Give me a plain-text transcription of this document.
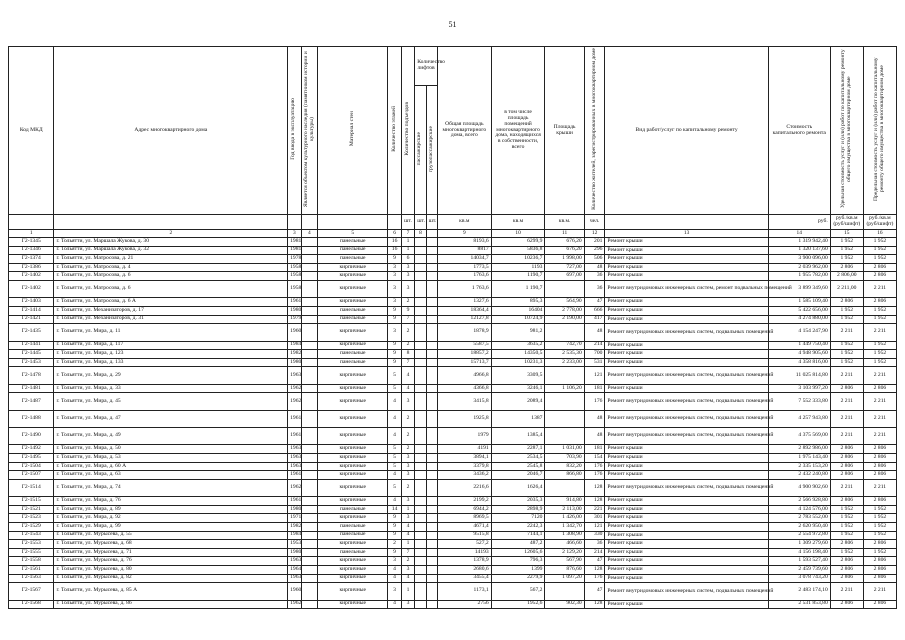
51
Код МКД	Адрес многоквартирного дома	Год ввода в эксплуатацию	Является объектом культурного наследия (памятником истории и культуры)	Материал стен	Количество этажей	Количество подъездов	Количество лифтов		Общая площадь многоквартирного дома, всего	в том числе площадь помещений многоквартирного дома, находящихся в собственности, всего	Площадь крыши	Количество жителей, зарегистрированных в многоквартирном доме	Вид работ/услуг по капитальному ремонту	Стоимость капитального ремонта	Удельная стоимость услуг и (или) работ по капитальному ремонту общего имущества в многоквартирном доме	Предельная стоимость услуг и (или) работ по капитальному ремонту общего имущества в многоквартирном доме
							пассажирские	грузопассажирские								
						шт.	шт.	шт.	кв.м	кв.м	кв.м.	чел.		руб.	руб./кв.м (руб/шифт)	руб./кв.м (руб/шифт)
1	2	3	4	5	6	7	8		9	10	11	12	13	14	15	16
Г2-1345	г. Тольятти, ул. Маршала Жукова, д. 30	1981		панельные	16	1			8193,6	6299,9	676,20	201	Ремонт крыши	1 319 942,40	1 952	1 952
Г2-1346	г. Тольятти, ул. Маршала Жукова, д. 32	1981		панельные	16	1			8817	5836,8	676,20	296	Ремонт крыши	1 320 137,60	1 952	1 952
Г2-1374	г. Тольятти, ул. Матросова, д. 21	1978		панельные	9	6			14034,7	10236,7	1 998,00	506	Ремонт крыши	3 900 096,00	1 952	1 952
Г2-1386	г. Тольятти, ул. Матросова, д. 4	1958		кирпичные	3	3			1773,5	1193	727,00	48	Ремонт крыши	2 039 962,00	2 806	2 806
Г2-1402	г. Тольятти, ул. Матросова, д. 6	1958		кирпичные	3	3			1763,6	1190,7	697,00	36	Ремонт крыши	1 955 782,00	2 806,00	2 806
Г2-1402	г. Тольятти, ул. Матросова, д. 6	1958		кирпичные	3	3			1 763,6	1 190,7		36	Ремонт внутридомовых инженерных систем, ремонт подвальных помещений	3 899 349,60	2 211,00	2 211
Г2-1403	г. Тольятти, ул. Матросова, д. 6 А	1961		кирпичные	3	2			1327,6	895,3	564,90	47	Ремонт крыши	1 585 109,40	2 806	2 806
Г2-1414	г. Тольятти, ул. Механизаторов, д. 17	1980		панельные	9	9			18364,4	16404	2 778,00	666	Ремонт крыши	5 422 656,00	1 952	1 952
Г2-1421	г. Тольятти, ул. Механизаторов, д. 31	1979		панельные	9	7			12127,8	10724,9	2 190,00	417	Ремонт крыши	4 274 880,00	1 952	1 952
Г2-1435	г. Тольятти, ул. Мира, д. 11	1960		кирпичные	3	2			1878,9	981,2		48	Ремонт внутридомовых инженерных систем, подвальных помещений	4 154 247,90	2 211	2 211
Г2-1441	г. Тольятти, ул. Мира, д. 117	1984		кирпичные	9	2			5587,5	3635,2	742,70	214	Ремонт крыши	1 449 750,40	1 952	1 952
Г2-1445	г. Тольятти, ул. Мира, д. 123	1982		панельные	9	8			18857,2	14350,5	2 535,30	700	Ремонт крыши	4 948 905,60	1 952	1 952
Г2-1453	г. Тольятти, ул. Мира, д. 133	1980		панельные	9	7			15713,7	10231,3	2 233,00	531	Ремонт крыши	4 358 816,00	1 952	1 952
Г2-1478	г. Тольятти, ул. Мира, д. 29	1963		кирпичные	5	4			4966,8	3309,5		121	Ремонт внутридомовых инженерных систем, подвальных помещений	11 025 814,80	2 211	2 211
Г2-1481	г. Тольятти, ул. Мира, д. 33	1962		кирпичные	5	4			4366,8	3246,1	1 106,20	181	Ремонт крыши	3 103 997,20	2 806	2 806
Г2-1487	г. Тольятти, ул. Мира, д. 45	1962		кирпичные	4	3			3415,8	2089,4		176	Ремонт внутридомовых инженерных систем, подвальных помещений	7 552 333,80	2 211	2 211
Г2-1488	г. Тольятти, ул. Мира, д. 47	1961		кирпичные	4	2			1925,8	1387		48	Ремонт внутридомовых инженерных систем, подвальных помещений	4 257 943,80	2 211	2 211
Г2-1490	г. Тольятти, ул. Мира, д. 49	1961		кирпичные	4	2			1979	1385,4		48	Ремонт внутридомовых инженерных систем, подвальных помещений	4 375 569,00	2 211	2 211
Г2-1492	г. Тольятти, ул. Мира, д. 50	1963		кирпичные	5	2			4191	2287,1	1 031,00	181	Ремонт крыши	2 892 986,00	2 806	2 806
Г2-1495	г. Тольятти, ул. Мира, д. 53	1963		кирпичные	5	3			3894,1	2534,5	703,90	154	Ремонт крыши	1 975 143,40	2 806	2 806
Г2-1504	г. Тольятти, ул. Мира, д. 60 А	1963		кирпичные	5	3			3379,8	2545,8	832,20	176	Ремонт крыши	2 335 153,20	2 806	2 806
Г2-1507	г. Тольятти, ул. Мира, д. 63	1961		кирпичные	4	3			3436,2	2046,7	866,80	176	Ремонт крыши	2 432 240,80	2 806	2 806
Г2-1514	г. Тольятти, ул. Мира, д. 74	1962		кирпичные	5	2			2216,6	1626,4		128	Ремонт внутридомовых инженерных систем, подвальных помещений	4 900 902,60	2 211	2 211
Г2-1515	г. Тольятти, ул. Мира, д. 76	1961		кирпичные	4	3			2199,2	2035,3	914,80	128	Ремонт крыши	2 566 928,80	2 806	2 806
Г2-1521	г. Тольятти, ул. Мира, д. 89	1980		панельные	14	1			6944,2	2898,9	2 113,00	221	Ремонт крыши	4 124 576,00	1 952	1 952
Г2-1523	г. Тольятти, ул. Мира, д. 92	1971		кирпичные	9	3			8969,5	7120	1 426,00	301	Ремонт крыши	2 783 552,00	1 952	1 952
Г2-1529	г. Тольятти, ул. Мира, д. 99	1982		панельные	9	4			4671,4	2242,3	1 342,70	121	Ремонт крыши	2 620 950,40	1 952	1 952
Г2-1543	г. Тольятти, ул. Мурысева, д. 55	1984		панельные	9	4			9515,8	7144,1	1 308,90	330	Ремонт крыши	2 554 972,80	1 952	1 952
Г2-1553	г. Тольятти, ул. Мурысева, д. 68	1953		кирпичные	2	1			527,2	487,2	466,60	36	Ремонт крыши	1 309 279,60	2 806	2 806
Г2-1555	г. Тольятти, ул. Мурысева, д. 71	1980		панельные	9	7			14193	12605,6	2 129,20	214	Ремонт крыши	4 156 198,40	1 952	1 952
Г2-1558	г. Тольятти, ул. Мурысева, д. 76	1963		кирпичные	3	2			1378,9	796,3	567,90	47	Ремонт крыши	1 593 527,40	2 806	2 806
Г2-1561	г. Тольятти, ул. Мурысева, д. 80	1964		кирпичные	4	3			2680,6	1399	876,60	128	Ремонт крыши	2 459 739,60	2 806	2 806
Г2-1563	г. Тольятти, ул. Мурысева, д. 82	1963		кирпичные	4	4			3455,4	2279,9	1 097,20	176	Ремонт крыши	3 078 743,20	2 806	2 806
Г2-1567	г. Тольятти, ул. Мурысева, д. 85 А	1960		кирпичные	3	1			1173,1	567,2		47	Ремонт внутридомовых инженерных систем, подвальных помещений	2 483 174,10	2 211	2 211
Г2-1568	г. Тольятти, ул. Мурысева, д. 86	1962		кирпичные	4	3			2756	1952,6	902,30	128	Ремонт крыши	2 531 853,80	2 806	2 806
